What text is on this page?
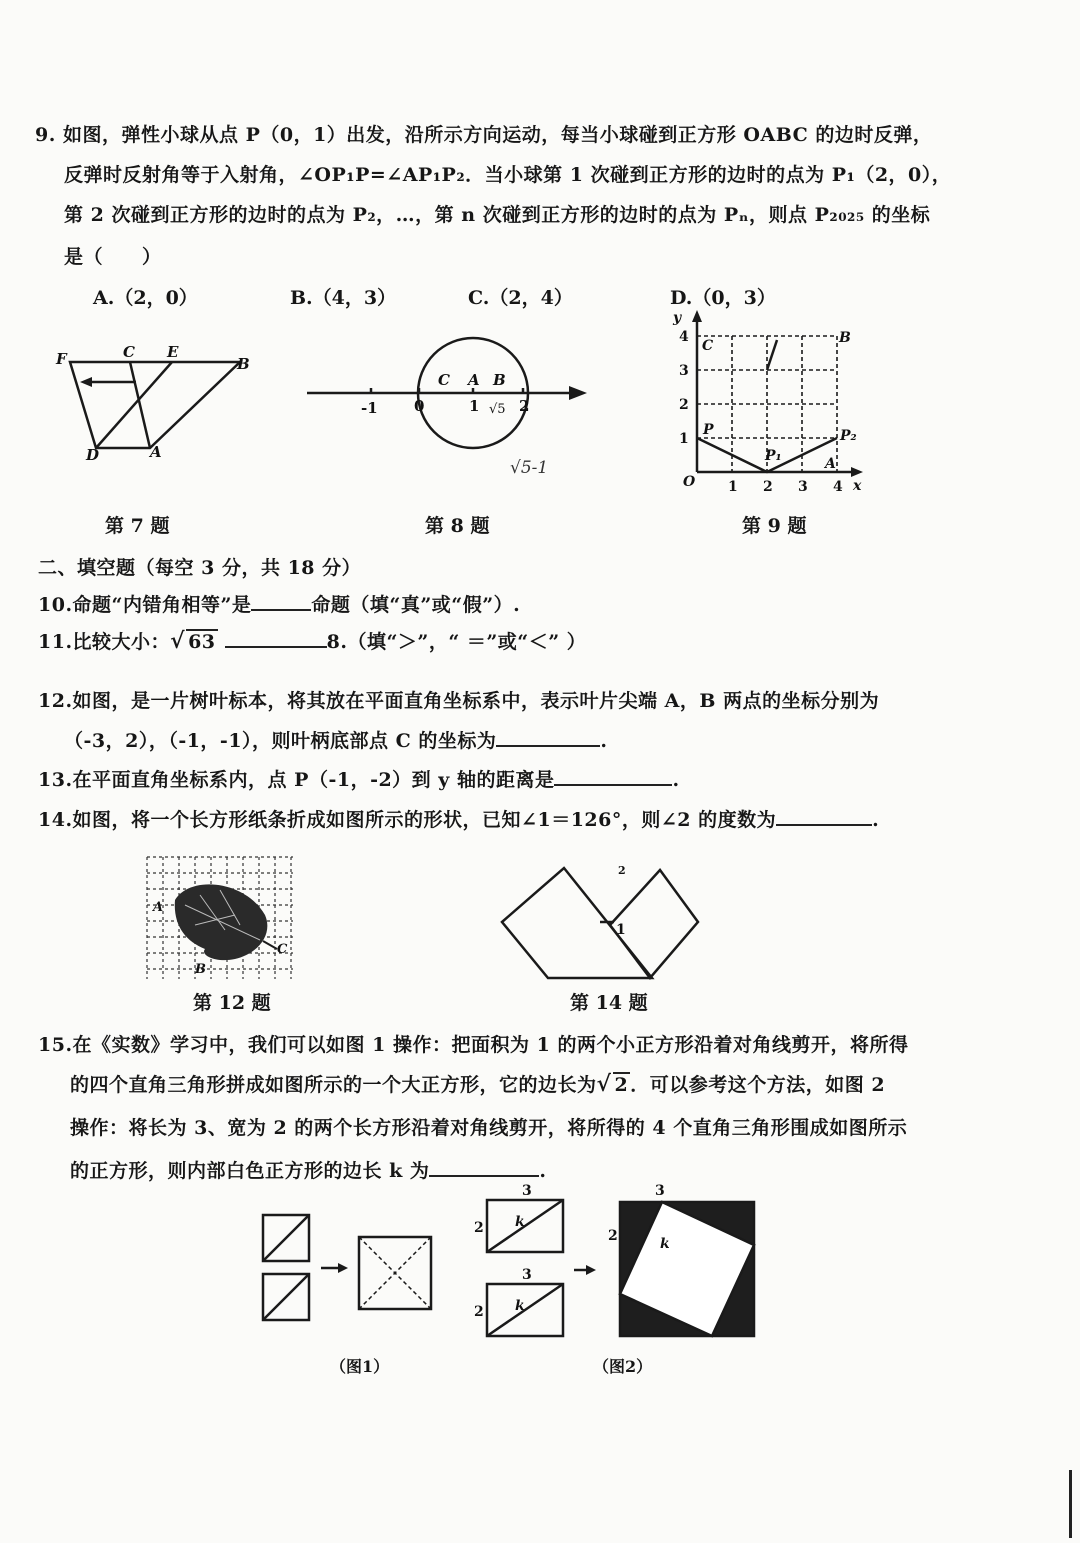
9. 如图，弹性小球从点 P（0，1）出发，沿所示方向运动，每当小球碰到正方形 OABC 的边时反弹，
反弹时反射角等于入射角，∠OP₁P=∠AP₁P₂．当小球第 1 次碰到正方形的边时的点为 P₁（2，0），
第 2 次碰到正方形的边时的点为 P₂，…，第 n 次碰到正方形的边时的点为 Pₙ，则点 P₂₀₂₅ 的坐标
是（　　）
A.（2，0）	B.（4，3）	C.（2，4）	D.（0，3）
F	C E
B
D	A
第 7 题
-1 0
C A
1
B
2
√5
√5-1
第 8 题
y
x
O
1
2
3
4
1 2 3 4
C	B
P
P₁
P₂
A
第 9 题
二、填空题（每空 3 分，共 18 分）
10.命题“内错角相等”是	命题（填“真”或“假”）.
11.比较大小： √ 63	8.（填“＞”，“ ＝”或“＜” ）
12.如图，是一片树叶标本，将其放在平面直角坐标系中，表示叶片尖端 A，B 两点的坐标分别为
（-3，2），（-1，-1），则叶柄底部点 C 的坐标为	.
13.在平面直角坐标系内，点 P（-1，-2）到 y 轴的距离是	.
14.如图，将一个长方形纸条折成如图所示的形状，已知∠1＝126°，则∠2 的度数为	.
A
B
C
第 12 题
1
2
第 14 题
15.在《实数》学习中，我们可以如图 1 操作：把面积为 1 的两个小正方形沿着对角线剪开，将所得
的四个直角三角形拼成如图所示的一个大正方形，它的边长为 √ 2 ．可以参考这个方法，如图 2
操作：将长为 3、宽为 2 的两个长方形沿着对角线剪开，将所得的 4 个直角三角形围成如图所示
的正方形，则内部白色正方形的边长 k 为	.
（图1）
3
2 k
3
2 k
3
2	k
（图2）
